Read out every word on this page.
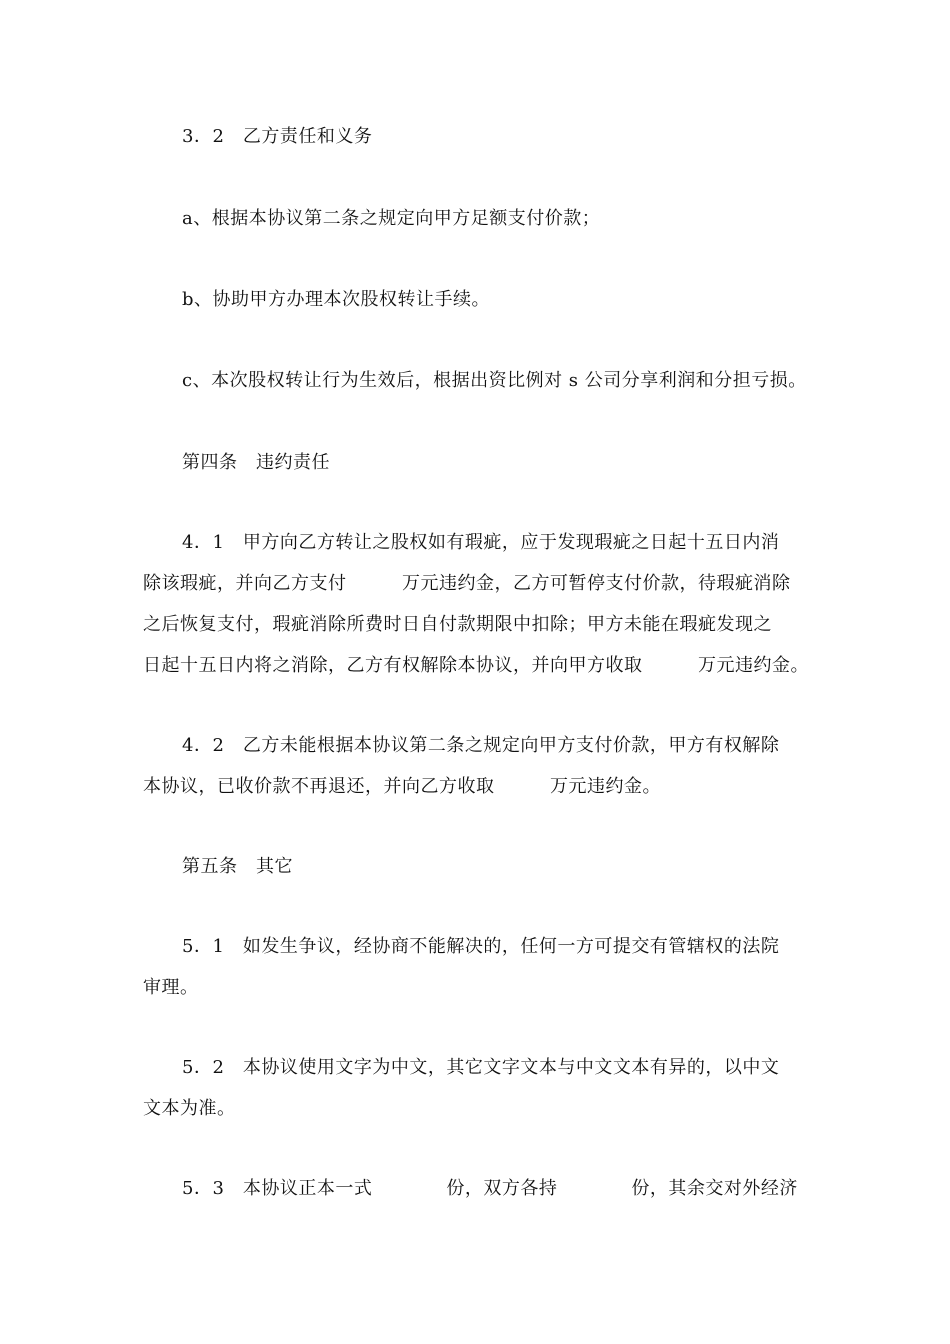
3．2　乙方责任和义务
a、根据本协议第二条之规定向甲方足额支付价款；
b、协助甲方办理本次股权转让手续。
c、本次股权转让行为生效后，根据出资比例对 s 公司分享利润和分担亏损。
第四条　违约责任
4．1　甲方向乙方转让之股权如有瑕疵，应于发现瑕疵之日起十五日内消
除该瑕疵，并向乙方支付　　　万元违约金，乙方可暂停支付价款，待瑕疵消除
之后恢复支付，瑕疵消除所费时日自付款期限中扣除；甲方未能在瑕疵发现之
日起十五日内将之消除，乙方有权解除本协议，并向甲方收取　　　万元违约金。
4．2　乙方未能根据本协议第二条之规定向甲方支付价款，甲方有权解除
本协议，已收价款不再退还，并向乙方收取　　　万元违约金。
第五条　其它
5．1　如发生争议，经协商不能解决的，任何一方可提交有管辖权的法院
审理。
5．2　本协议使用文字为中文，其它文字文本与中文文本有异的，以中文
文本为准。
5．3　本协议正本一式　　　　份，双方各持　　　　份，其余交对外经济
